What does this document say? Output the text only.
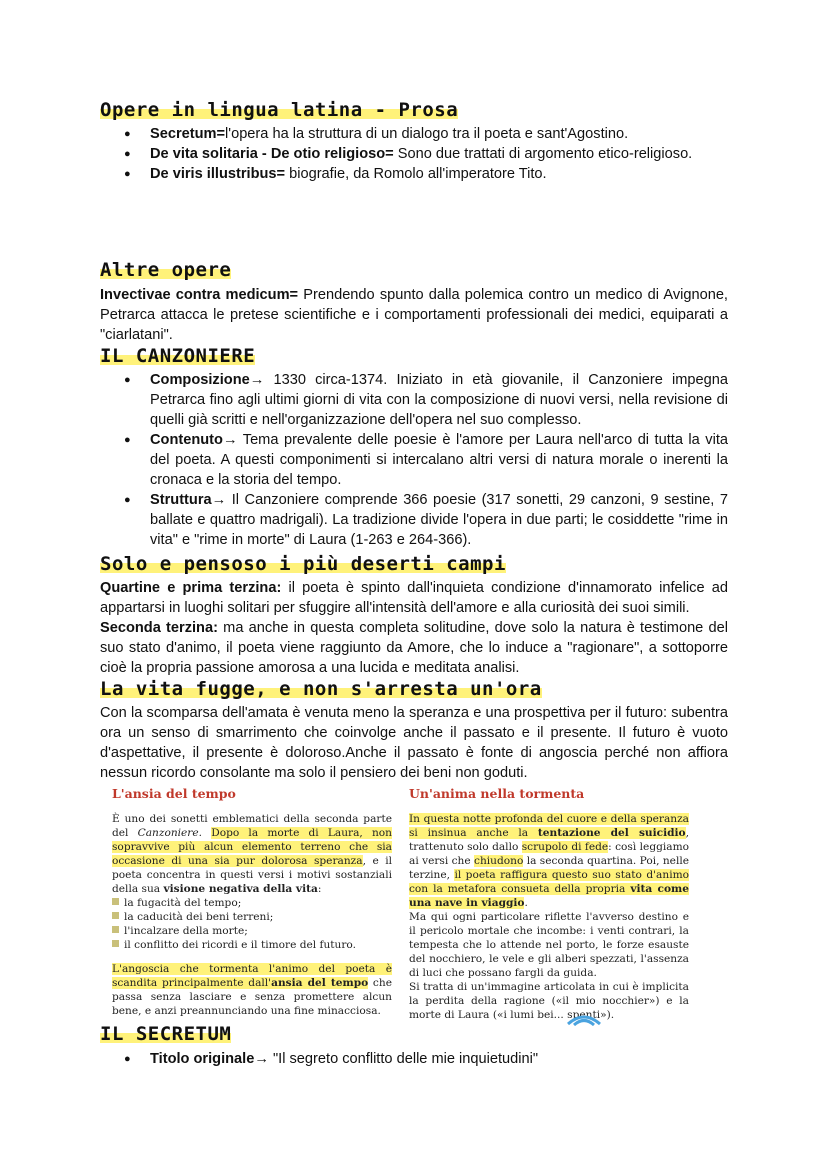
Opere in lingua latina - Prosa
● Secretum=l'opera ha la struttura di un dialogo tra il poeta e sant'Agostino.
● De vita solitaria - De otio religioso= Sono due trattati di argomento etico-religioso.
● De viris illustribus= biografie, da Romolo all'imperatore Tito.
Altre opere

Invectivae contra medicum= Prendendo spunto dalla polemica contro un medico di Avignone, Petrarca attacca le pretese scientifiche e i comportamenti professionali dei medici, equiparati a "ciarlatani".

IL CANZONIERE
● Composizione→ 1330 circa-1374. Iniziato in età giovanile, il Canzoniere impegna Petrarca fino agli ultimi giorni di vita con la composizione di nuovi versi, nella revisione di quelli già scritti e nell'organizzazione dell'opera nel suo complesso.
● Contenuto→ Tema prevalente delle poesie è l'amore per Laura nell'arco di tutta la vita del poeta. A questi componimenti si intercalano altri versi di natura morale o inerenti la cronaca e la storia del tempo.
● Struttura→ Il Canzoniere comprende 366 poesie (317 sonetti, 29 canzoni, 9 sestine, 7 ballate e quattro madrigali). La tradizione divide l'opera in due parti; le cosiddette "rime in vita" e "rime in morte" di Laura (1-263 e 264-366).
Solo e pensoso i più deserti campi

Quartine e prima terzina: il poeta è spinto dall'inquieta condizione d'innamorato infelice ad appartarsi in luoghi solitari per sfuggire all'intensità dell'amore e alla curiosità dei suoi simili.

Seconda terzina: ma anche in questa completa solitudine, dove solo la natura è testimone del suo stato d'animo, il poeta viene raggiunto da Amore, che lo induce a "ragionare", a sottoporre cioè la propria passione amorosa a una lucida e meditata analisi.

La vita fugge, e non s'arresta un'ora

Con la scomparsa dell'amata è venuta meno la speranza e una prospettiva per il futuro: subentra ora un senso di smarrimento che coinvolge anche il passato e il presente. Il futuro è vuoto d'aspettative, il presente è doloroso.Anche il passato è fonte di angoscia perché non affiora nessun ricordo consolante ma solo il pensiero dei beni non goduti.

L'ansia del tempo

È uno dei sonetti emblematici della seconda parte del Canzoniere. Dopo la morte di Laura, non sopravvive più alcun elemento terreno che sia occasione di una sia pur dolorosa speranza, e il poeta concentra in questi versi i motivi sostanziali della sua visione negativa della vita:

la fugacità del tempo;
la caducità dei beni terreni;
l'incalzare della morte;
il conflitto dei ricordi e il timore del futuro.

L'angoscia che tormenta l'animo del poeta è scandita principalmente dall'ansia del tempo che passa senza lasciare e senza promettere alcun bene, e anzi preannunciando una fine minacciosa.

Un'anima nella tormenta

In questa notte profonda del cuore e della speranza si insinua anche la tentazione del suicidio, trattenuto solo dallo scrupolo di fede: così leggiamo ai versi che chiudono la seconda quartina. Poi, nelle terzine, il poeta raffigura questo suo stato d'animo con la metafora consueta della propria vita come una nave in viaggio.

Ma qui ogni particolare riflette l'avverso destino e il pericolo mortale che incombe: i venti contrari, la tempesta che lo attende nel porto, le forze esauste del nocchiero, le vele e gli alberi spezzati, l'assenza di luci che possano fargli da guida.

Si tratta di un'immagine articolata in cui è implicita la perdita della ragione («il mio nocchier») e la morte di Laura («i lumi bei... spenti»).

IL SECRETUM
● Titolo originale→ "Il segreto conflitto delle mie inquietudini"
